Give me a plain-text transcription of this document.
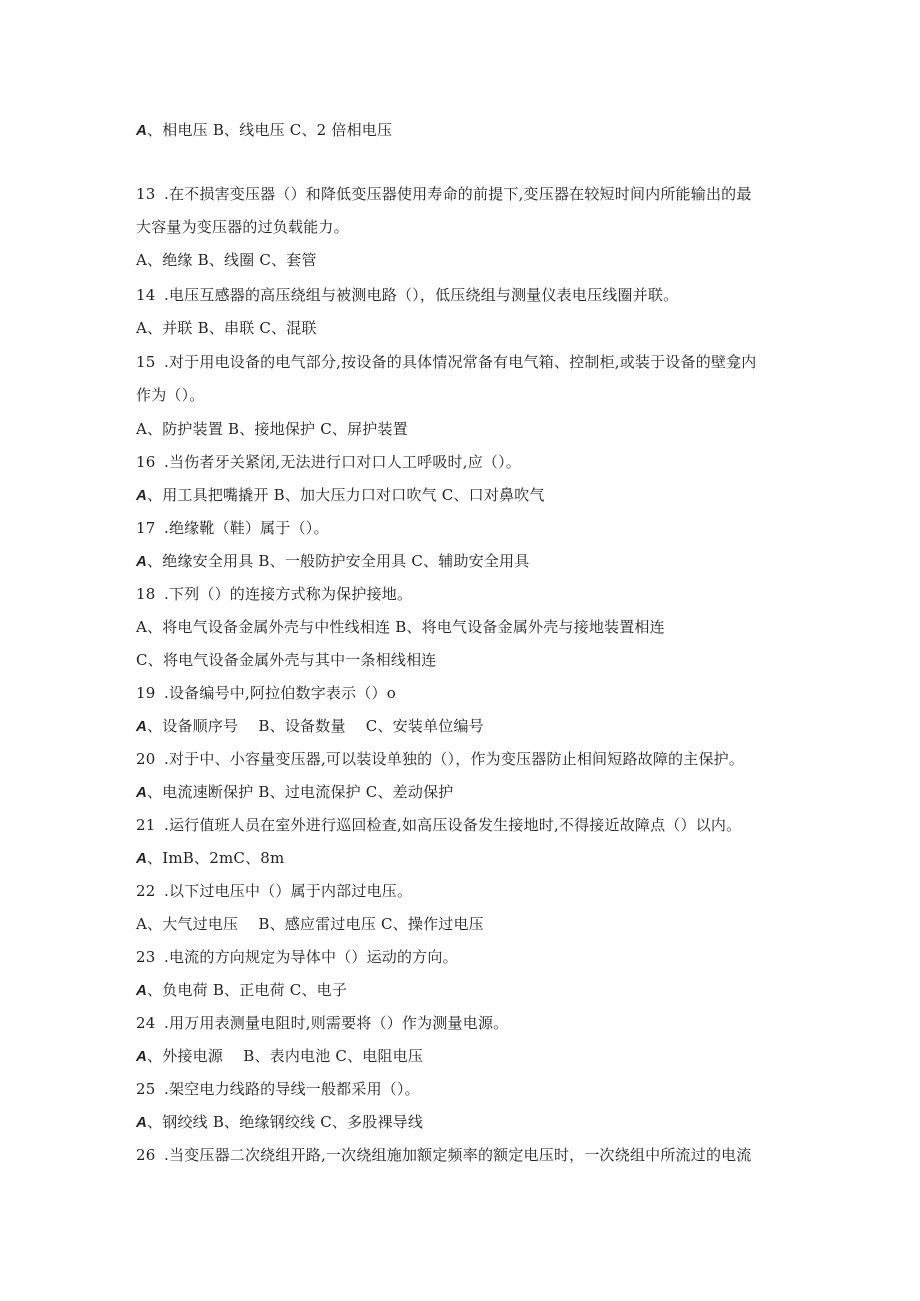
A、相电压 B、线电压 C、2 倍相电压
13 .在不损害变压器（）和降低变压器使用寿命的前提下,变压器在较短时间内所能输出的最
大容量为变压器的过负载能力。
A、绝缘 B、线圈 C、套管
14 .电压互感器的高压绕组与被测电路（），低压绕组与测量仪表电压线圈并联。
A、并联 B、串联 C、混联
15 .对于用电设备的电气部分,按设备的具体情况常备有电气箱、控制柜,或装于设备的壁龛内
作为（）。
A、防护装置 B、接地保护 C、屏护装置
16 .当伤者牙关紧闭,无法进行口对口人工呼吸时,应（）。
A、用工具把嘴撬开 B、加大压力口对口吹气 C、口对鼻吹气
17 .绝缘靴（鞋）属于（）。
A、绝缘安全用具 B、一般防护安全用具 C、辅助安全用具
18 .下列（）的连接方式称为保护接地。
A、将电气设备金属外壳与中性线相连 B、将电气设备金属外壳与接地装置相连
C、将电气设备金属外壳与其中一条相线相连
19 .设备编号中,阿拉伯数字表示（）o
A、设备顺序号　 B、设备数量　 C、安装单位编号
20 .对于中、小容量变压器,可以装设单独的（），作为变压器防止相间短路故障的主保护。
A、电流速断保护 B、过电流保护 C、差动保护
21 .运行值班人员在室外进行巡回检查,如高压设备发生接地时,不得接近故障点（）以内。
A、ImB、2mC、8m
22 .以下过电压中（）属于内部过电压。
A、大气过电压　 B、感应雷过电压 C、操作过电压
23 .电流的方向规定为导体中（）运动的方向。
A、负电荷 B、正电荷 C、电子
24 .用万用表测量电阻时,则需要将（）作为测量电源。
A、外接电源　 B、表内电池 C、电阻电压
25 .架空电力线路的导线一般都采用（）。
A、钢绞线 B、绝缘钢绞线 C、多股裸导线
26 .当变压器二次绕组开路,一次绕组施加额定频率的额定电压时，一次绕组中所流过的电流
